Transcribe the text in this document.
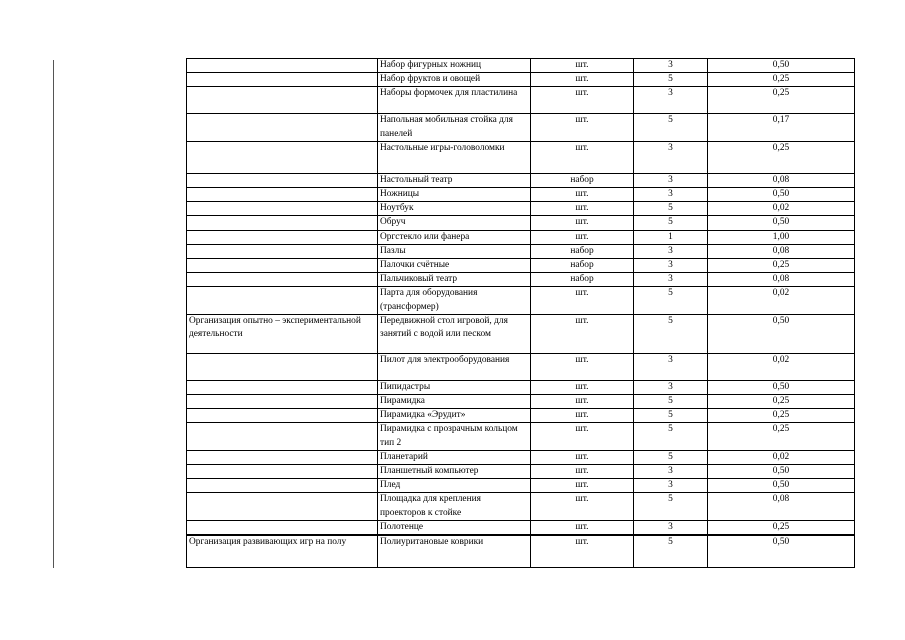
	Набор фигурных ножниц	шт.	3	0,50
	Набор фруктов и овощей	шт.	5	0,25
	Наборы формочек для пластилина	шт.	3	0,25
	Напольная мобильная стойка для панелей	шт.	5	0,17
	Настольные игры-головоломки	шт.	3	0,25
	Настольный театр	набор	3	0,08
	Ножницы	шт.	3	0,50
	Ноутбук	шт.	5	0,02
	Обруч	шт.	5	0,50
	Оргстекло или фанера	шт.	1	1,00
	Пазлы	набор	3	0,08
	Палочки счётные	набор	3	0,25
	Пальчиковый театр	набор	3	0,08
	Парта для оборудования (трансформер)	шт.	5	0,02
Организация опытно – экспериментальной деятельности	Передвижной стол игровой, для занятий с водой или песком	шт.	5	0,50
	Пилот для электрооборудования	шт.	3	0,02
	Пипидастры	шт.	3	0,50
	Пирамидка	шт.	5	0,25
	Пирамидка «Эрудит»	шт.	5	0,25
	Пирамидка с прозрачным кольцом тип 2	шт.	5	0,25
	Планетарий	шт.	5	0,02
	Планшетный компьютер	шт.	3	0,50
	Плед	шт.	3	0,50
	Площадка для крепления проекторов к стойке	шт.	5	0,08
	Полотенце	шт.	3	0,25
Организация развивающих игр на полу	Полиуритановые коврики	шт.	5	0,50
